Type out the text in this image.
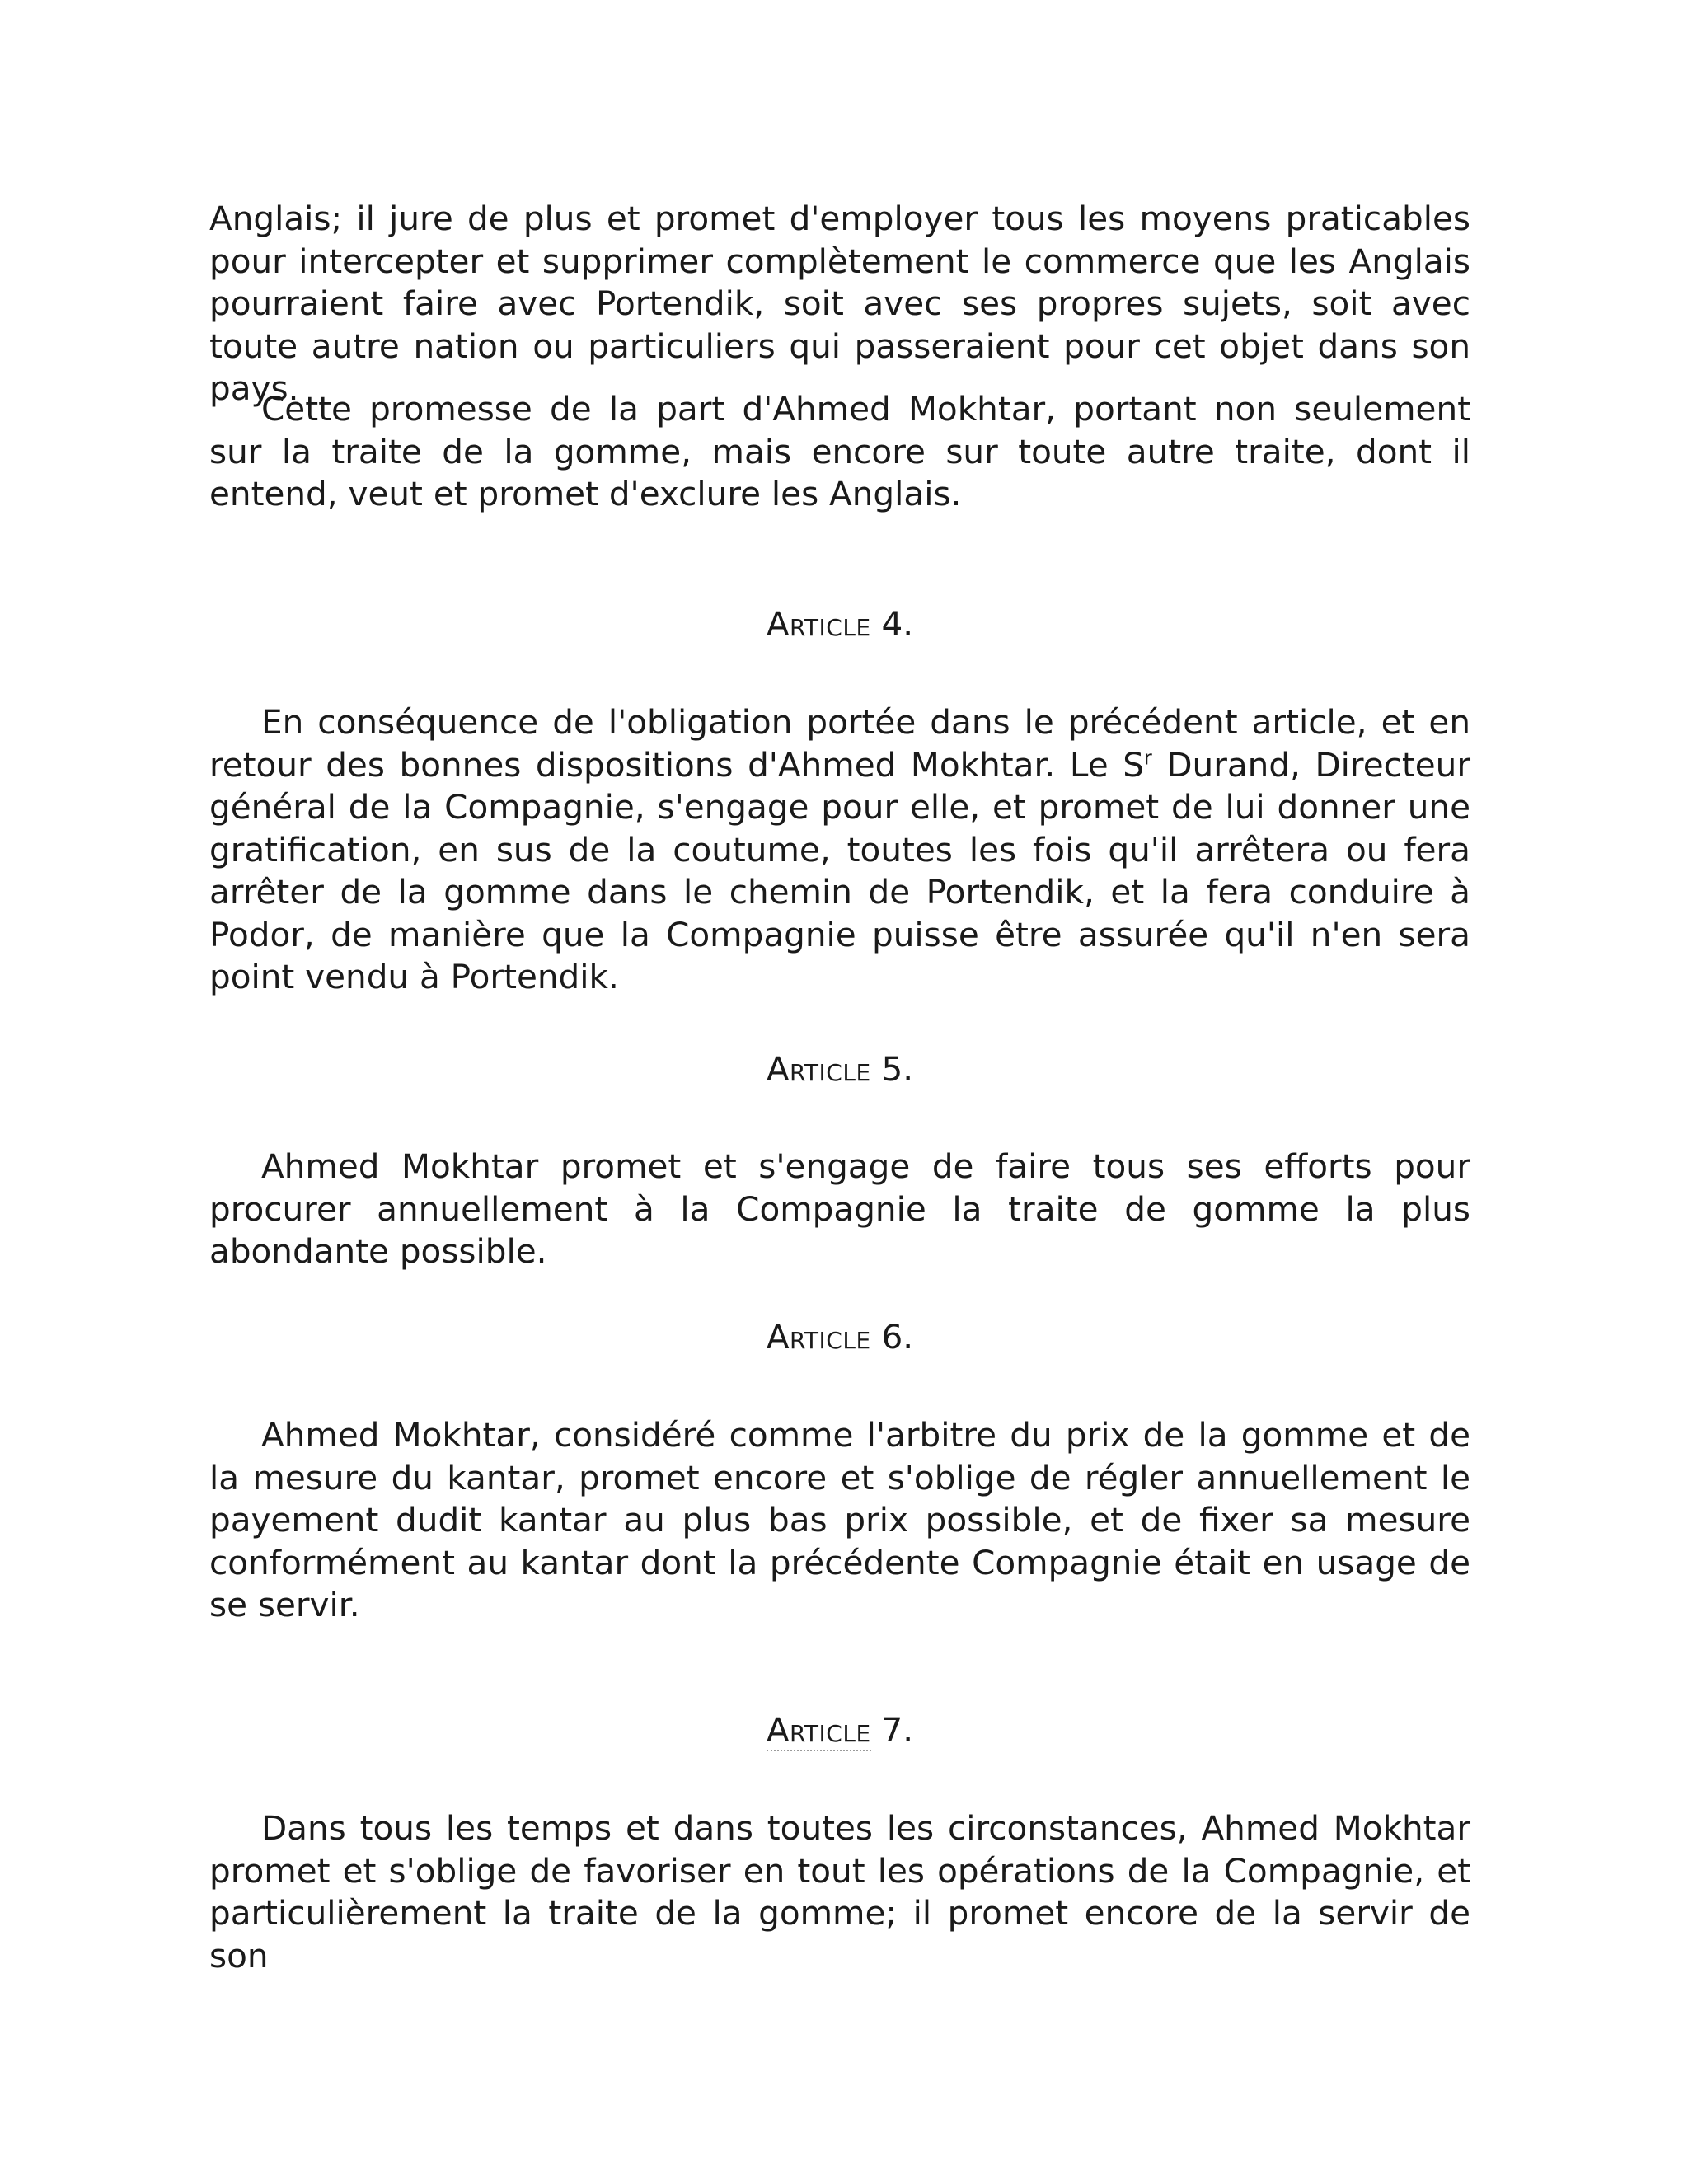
Anglais; il jure de plus et promet d'employer tous les moyens praticables pour intercepter et supprimer complètement le commerce que les Anglais pourraient faire avec Portendik, soit avec ses propres sujets, soit avec toute autre nation ou particuliers qui passeraient pour cet objet dans son pays.

Cette promesse de la part d'Ahmed Mokhtar, portant non seulement sur la traite de la gomme, mais encore sur toute autre traite, dont il entend, veut et promet d'exclure les Anglais.

Article 4.

En conséquence de l'obligation portée dans le précédent article, et en retour des bonnes dispositions d'Ahmed Mokhtar. Le $S^r$ Durand, Directeur général de la Compagnie, s'engage pour elle, et promet de lui donner une gratification, en sus de la coutume, toutes les fois qu'il arrêtera ou fera arrêter de la gomme dans le chemin de Portendik, et la fera conduire à Podor, de manière que la Compagnie puisse être assurée qu'il n'en sera point vendu à Portendik.

Article 5.

Ahmed Mokhtar promet et s'engage de faire tous ses efforts pour procurer annuellement à la Compagnie la traite de gomme la plus abondante possible.

Article 6.

Ahmed Mokhtar, considéré comme l'arbitre du prix de la gomme et de la mesure du kantar, promet encore et s'oblige de régler annuellement le payement dudit kantar au plus bas prix possible, et de fixer sa mesure conformément au kantar dont la précédente Compagnie était en usage de se servir.

Article 7.

Dans tous les temps et dans toutes les circonstances, Ahmed Mokhtar promet et s'oblige de favoriser en tout les opérations de la Compagnie, et particulièrement la traite de la gomme; il promet encore de la servir de son
